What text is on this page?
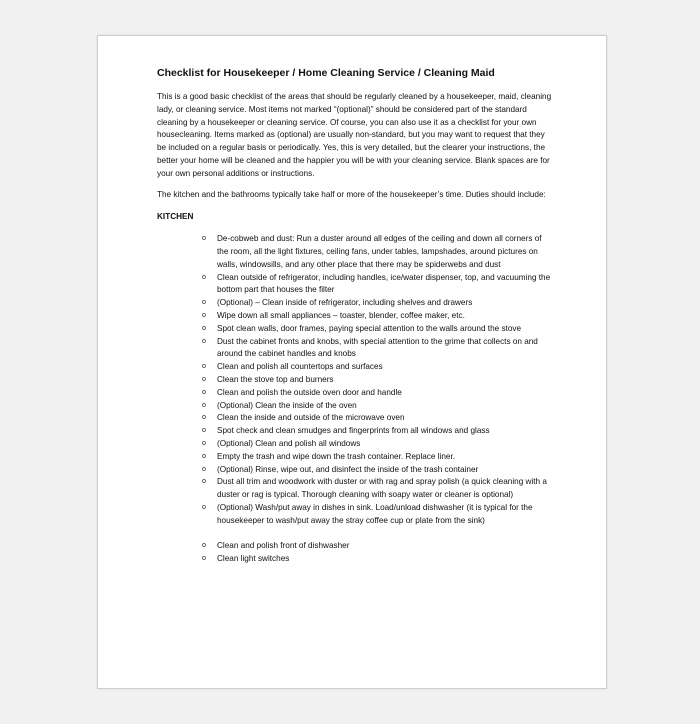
Checklist for Housekeeper / Home Cleaning Service / Cleaning Maid

This is a good basic checklist of the areas that should be regularly cleaned by a housekeeper, maid, cleaning lady, or cleaning service. Most items not marked “(optional)” should be considered part of the standard cleaning by a housekeeper or cleaning service. Of course, you can also use it as a checklist for your own housecleaning. Items marked as (optional) are usually non-standard, but you may want to request that they be included on a regular basis or periodically. Yes, this is very detailed, but the clearer your instructions, the better your home will be cleaned and the happier you will be with your cleaning service. Blank spaces are for your own personal additions or instructions.

The kitchen and the bathrooms typically take half or more of the housekeeper’s time. Duties should include:

KITCHEN
o De-cobweb and dust: Run a duster around all edges of the ceiling and down all corners of the room, all the light fixtures, ceiling fans, under tables, lampshades, around pictures on walls, windowsills, and any other place that there may be spiderwebs and dust
o Clean outside of refrigerator, including handles, ice/water dispenser, top, and vacuuming the bottom part that houses the filter
o (Optional) – Clean inside of refrigerator, including shelves and drawers
o Wipe down all small appliances – toaster, blender, coffee maker, etc.
o Spot clean walls, door frames, paying special attention to the walls around the stove
o Dust the cabinet fronts and knobs, with special attention to the grime that collects on and around the cabinet handles and knobs
o Clean and polish all countertops and surfaces
o Clean the stove top and burners
o Clean and polish the outside oven door and handle
o (Optional) Clean the inside of the oven
o Clean the inside and outside of the microwave oven
o Spot check and clean smudges and fingerprints from all windows and glass
o (Optional) Clean and polish all windows
o Empty the trash and wipe down the trash container. Replace liner.
o (Optional) Rinse, wipe out, and disinfect the inside of the trash container
o Dust all trim and woodwork with duster or with rag and spray polish (a quick cleaning with a duster or rag is typical. Thorough cleaning with soapy water or cleaner is optional)
o (Optional) Wash/put away in dishes in sink. Load/unload dishwasher (it is typical for the housekeeper to wash/put away the stray coffee cup or plate from the sink)
o Clean and polish front of dishwasher
o Clean light switches
